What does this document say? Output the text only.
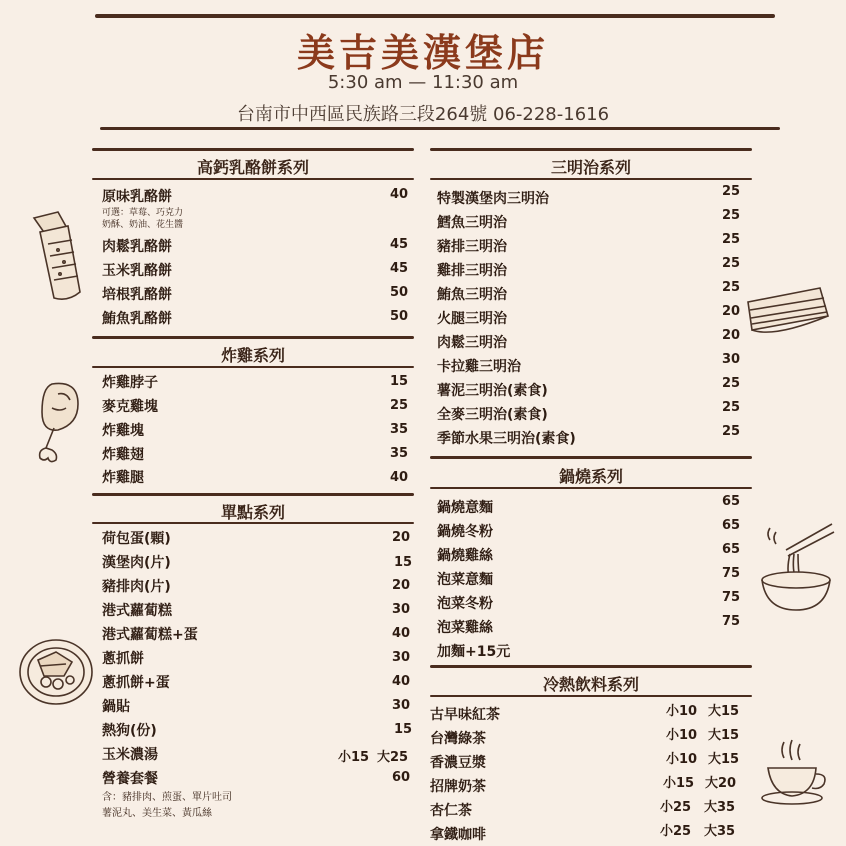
美吉美漢堡店
5:30 am — 11:30 am
台南市中西區民族路三段264號 06-228-1616
高鈣乳酪餅系列
原味乳酪餅	40
可選：草莓、巧克力
奶酥、奶油、花生醬
肉鬆乳酪餅	45
玉米乳酪餅	45
培根乳酪餅	50
鮪魚乳酪餅	50
炸雞系列
炸雞脖子	15
麥克雞塊	25
炸雞塊	35
炸雞翅	35
炸雞腿	40
單點系列
荷包蛋(顆)	20
漢堡肉(片)	15
豬排肉(片)	20
港式蘿蔔糕	30
港式蘿蔔糕+蛋	40
蔥抓餅	30
蔥抓餅+蛋	40
鍋貼	30
熱狗(份)	15
玉米濃湯	小15 大25
營養套餐	60
含：豬排肉、煎蛋、單片吐司
薯泥丸、美生菜、黃瓜絲
三明治系列
特製漢堡肉三明治	25
鱈魚三明治	25
豬排三明治	25
雞排三明治	25
鮪魚三明治	25
火腿三明治	20
肉鬆三明治	20
卡拉雞三明治	30
薯泥三明治(素食)	25
全麥三明治(素食)	25
季節水果三明治(素食)	25
鍋燒系列
鍋燒意麵	65
鍋燒冬粉	65
鍋燒雞絲	65
泡菜意麵	75
泡菜冬粉	75
泡菜雞絲	75
加麵+15元
冷熱飲料系列
古早味紅茶	小10 大15
台灣綠茶	小10 大15
香濃豆漿	小10 大15
招牌奶茶	小15 大20
杏仁茶	小25 大35
拿鐵咖啡	小25 大35
